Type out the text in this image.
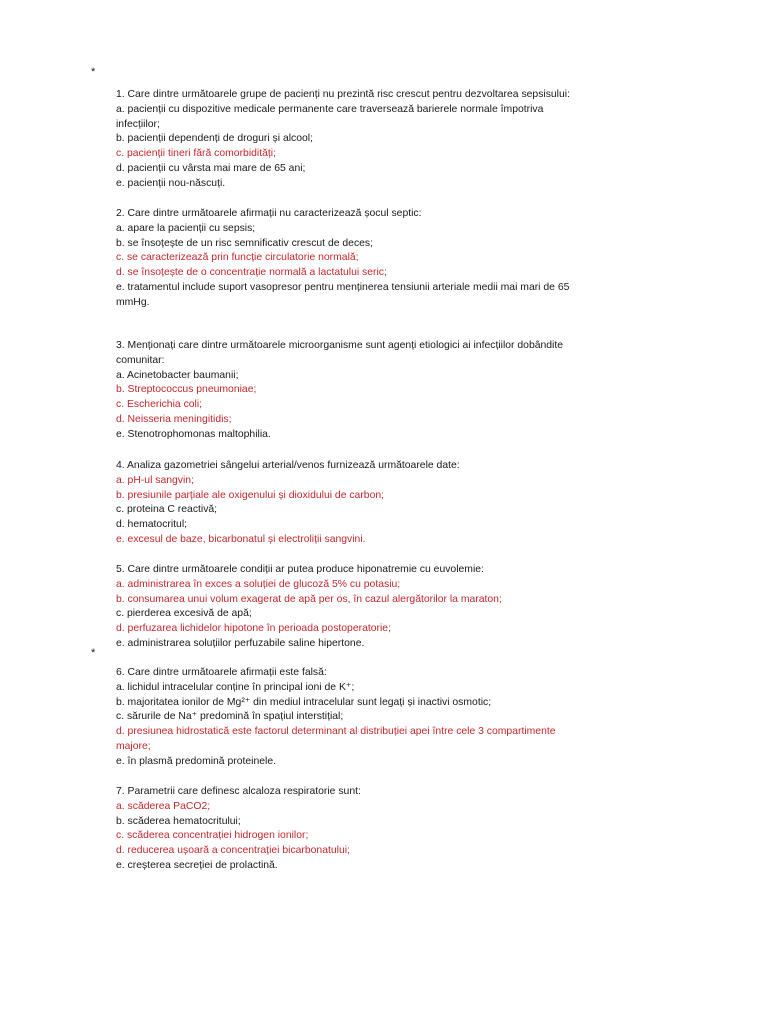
*
*
1. Care dintre următoarele grupe de pacienți nu prezintă risc crescut pentru dezvoltarea sepsisului:
a. pacienții cu dispozitive medicale permanente care traversează barierele normale împotriva
infecțiilor;
b. pacienții dependenți de droguri și alcool;
c. pacienții tineri fără comorbidități;
d. pacienții cu vârsta mai mare de 65 ani;
e. pacienții nou-născuți.
2. Care dintre următoarele afirmații nu caracterizează șocul septic:
a. apare la pacienții cu sepsis;
b. se însoțește de un risc semnificativ crescut de deces;
c. se caracterizează prin funcție circulatorie normală;
d. se însoțește de o concentrație normală a lactatului seric;
e. tratamentul include suport vasopresor pentru menținerea tensiunii arteriale medii mai mari de 65
mmHg.
3. Menționați care dintre următoarele microorganisme sunt agenți etiologici ai infecțiilor dobândite
comunitar:
a. Acinetobacter baumanii;
b. Streptococcus pneumoniae;
c. Escherichia coli;
d. Neisseria meningitidis;
e. Stenotrophomonas maltophilia.
4. Analiza gazometriei sângelui arterial/venos furnizează următoarele date:
a. pH-ul sangvin;
b. presiunile parțiale ale oxigenului și dioxidului de carbon;
c. proteina C reactivă;
d. hematocritul;
e. excesul de baze, bicarbonatul și electroliții sangvini.
5. Care dintre următoarele condiții ar putea produce hiponatremie cu euvolemie:
a. administrarea în exces a soluției de glucoză 5% cu potasiu;
b. consumarea unui volum exagerat de apă per os, în cazul alergătorilor la maraton;
c. pierderea excesivă de apă;
d. perfuzarea lichidelor hipotone în perioada postoperatorie;
e. administrarea soluțiilor perfuzabile saline hipertone.
6. Care dintre următoarele afirmații este falsă:
a. lichidul intracelular conține în principal ioni de K⁺;
b. majoritatea ionilor de Mg²⁺ din mediul intracelular sunt legați și inactivi osmotic;
c. sărurile de Na⁺ predomină în spațiul interstițial;
d. presiunea hidrostatică este factorul determinant al distribuției apei între cele 3 compartimente
majore;
e. în plasmă predomină proteinele.
7. Parametrii care definesc alcaloza respiratorie sunt:
a. scăderea PaCO2;
b. scăderea hematocritului;
c. scăderea concentrației hidrogen ionilor;
d. reducerea ușoară a concentrației bicarbonatului;
e. creșterea secreției de prolactină.
